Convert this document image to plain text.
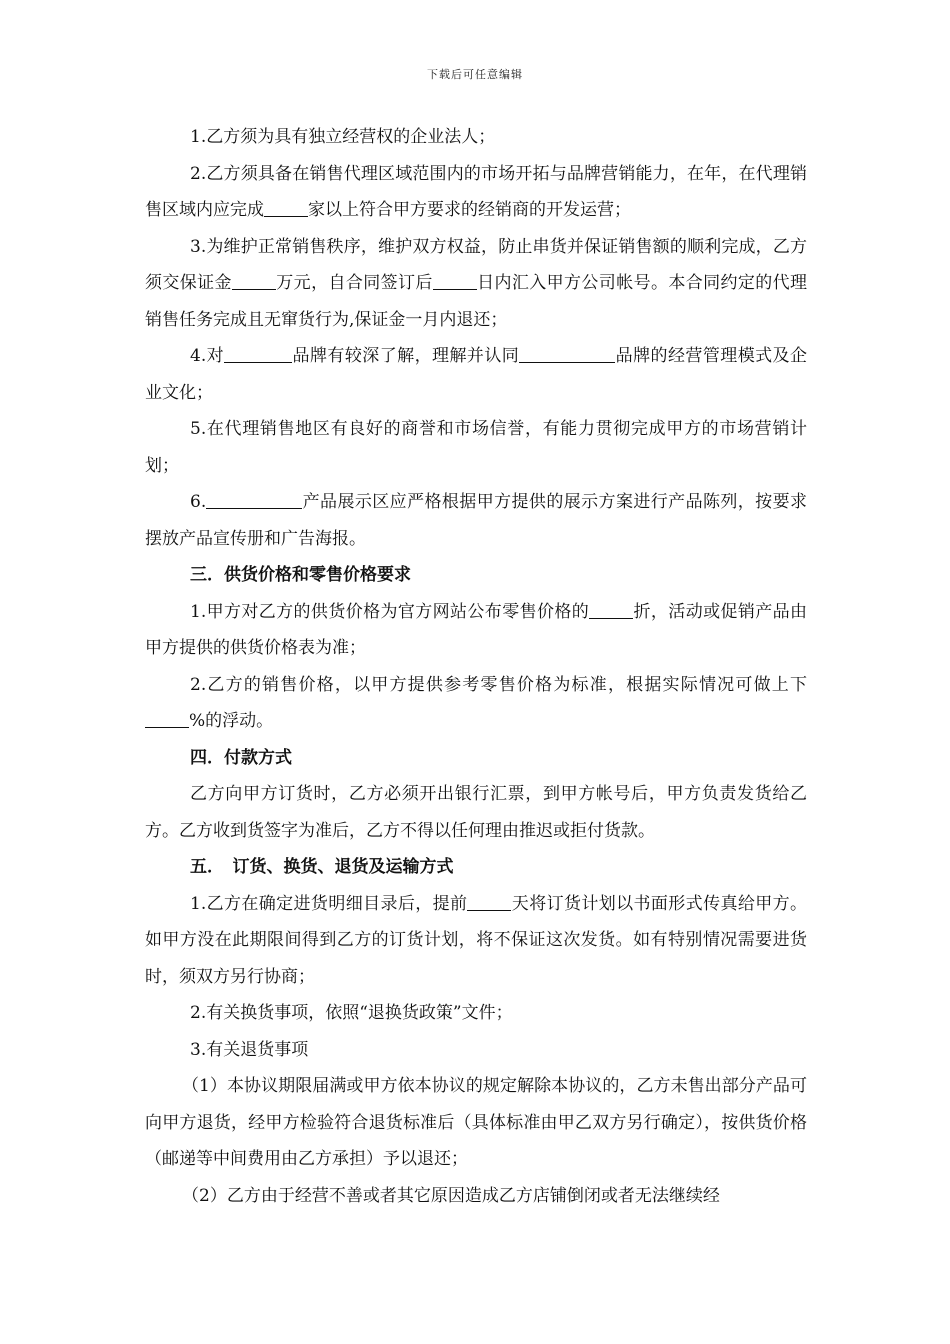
下载后可任意编辑

1.乙方须为具有独立经营权的企业法人；

2.乙方须具备在销售代理区域范围内的市场开拓与品牌营销能力，在年，在代理销售区域内应完成	家以上符合甲方要求的经销商的开发运营；

3.为维护正常销售秩序，维护双方权益，防止串货并保证销售额的顺利完成，乙方须交保证金	万元，自合同签订后	日内汇入甲方公司帐号。本合同约定的代理销售任务完成且无窜货行为,保证金一月内退还；

4.对	品牌有较深了解，理解并认同	品牌的经营管理模式及企业文化；

5.在代理销售地区有良好的商誉和市场信誉，有能力贯彻完成甲方的市场营销计划；

6.	产品展示区应严格根据甲方提供的展示方案进行产品陈列，按要求摆放产品宣传册和广告海报。

三．供货价格和零售价格要求

1.甲方对乙方的供货价格为官方网站公布零售价格的	折，活动或促销产品由甲方提供的供货价格表为准；

2.乙方的销售价格，以甲方提供参考零售价格为标准，根据实际情况可做上下%的浮动。

四．付款方式

乙方向甲方订货时，乙方必须开出银行汇票，到甲方帐号后，甲方负责发货给乙方。乙方收到货签字为准后，乙方不得以任何理由推迟或拒付货款。

五．　订货、换货、退货及运输方式

1.乙方在确定进货明细目录后，提前	天将订货计划以书面形式传真给甲方。如甲方没在此期限间得到乙方的订货计划，将不保证这次发货。如有特别情况需要进货时，须双方另行协商；

2.有关换货事项，依照“退换货政策”文件；

3.有关退货事项

（1）本协议期限届满或甲方依本协议的规定解除本协议的，乙方未售出部分产品可向甲方退货，经甲方检验符合退货标准后（具体标准由甲乙双方另行确定），按供货价格（邮递等中间费用由乙方承担）予以退还；

（2）乙方由于经营不善或者其它原因造成乙方店铺倒闭或者无法继续经
